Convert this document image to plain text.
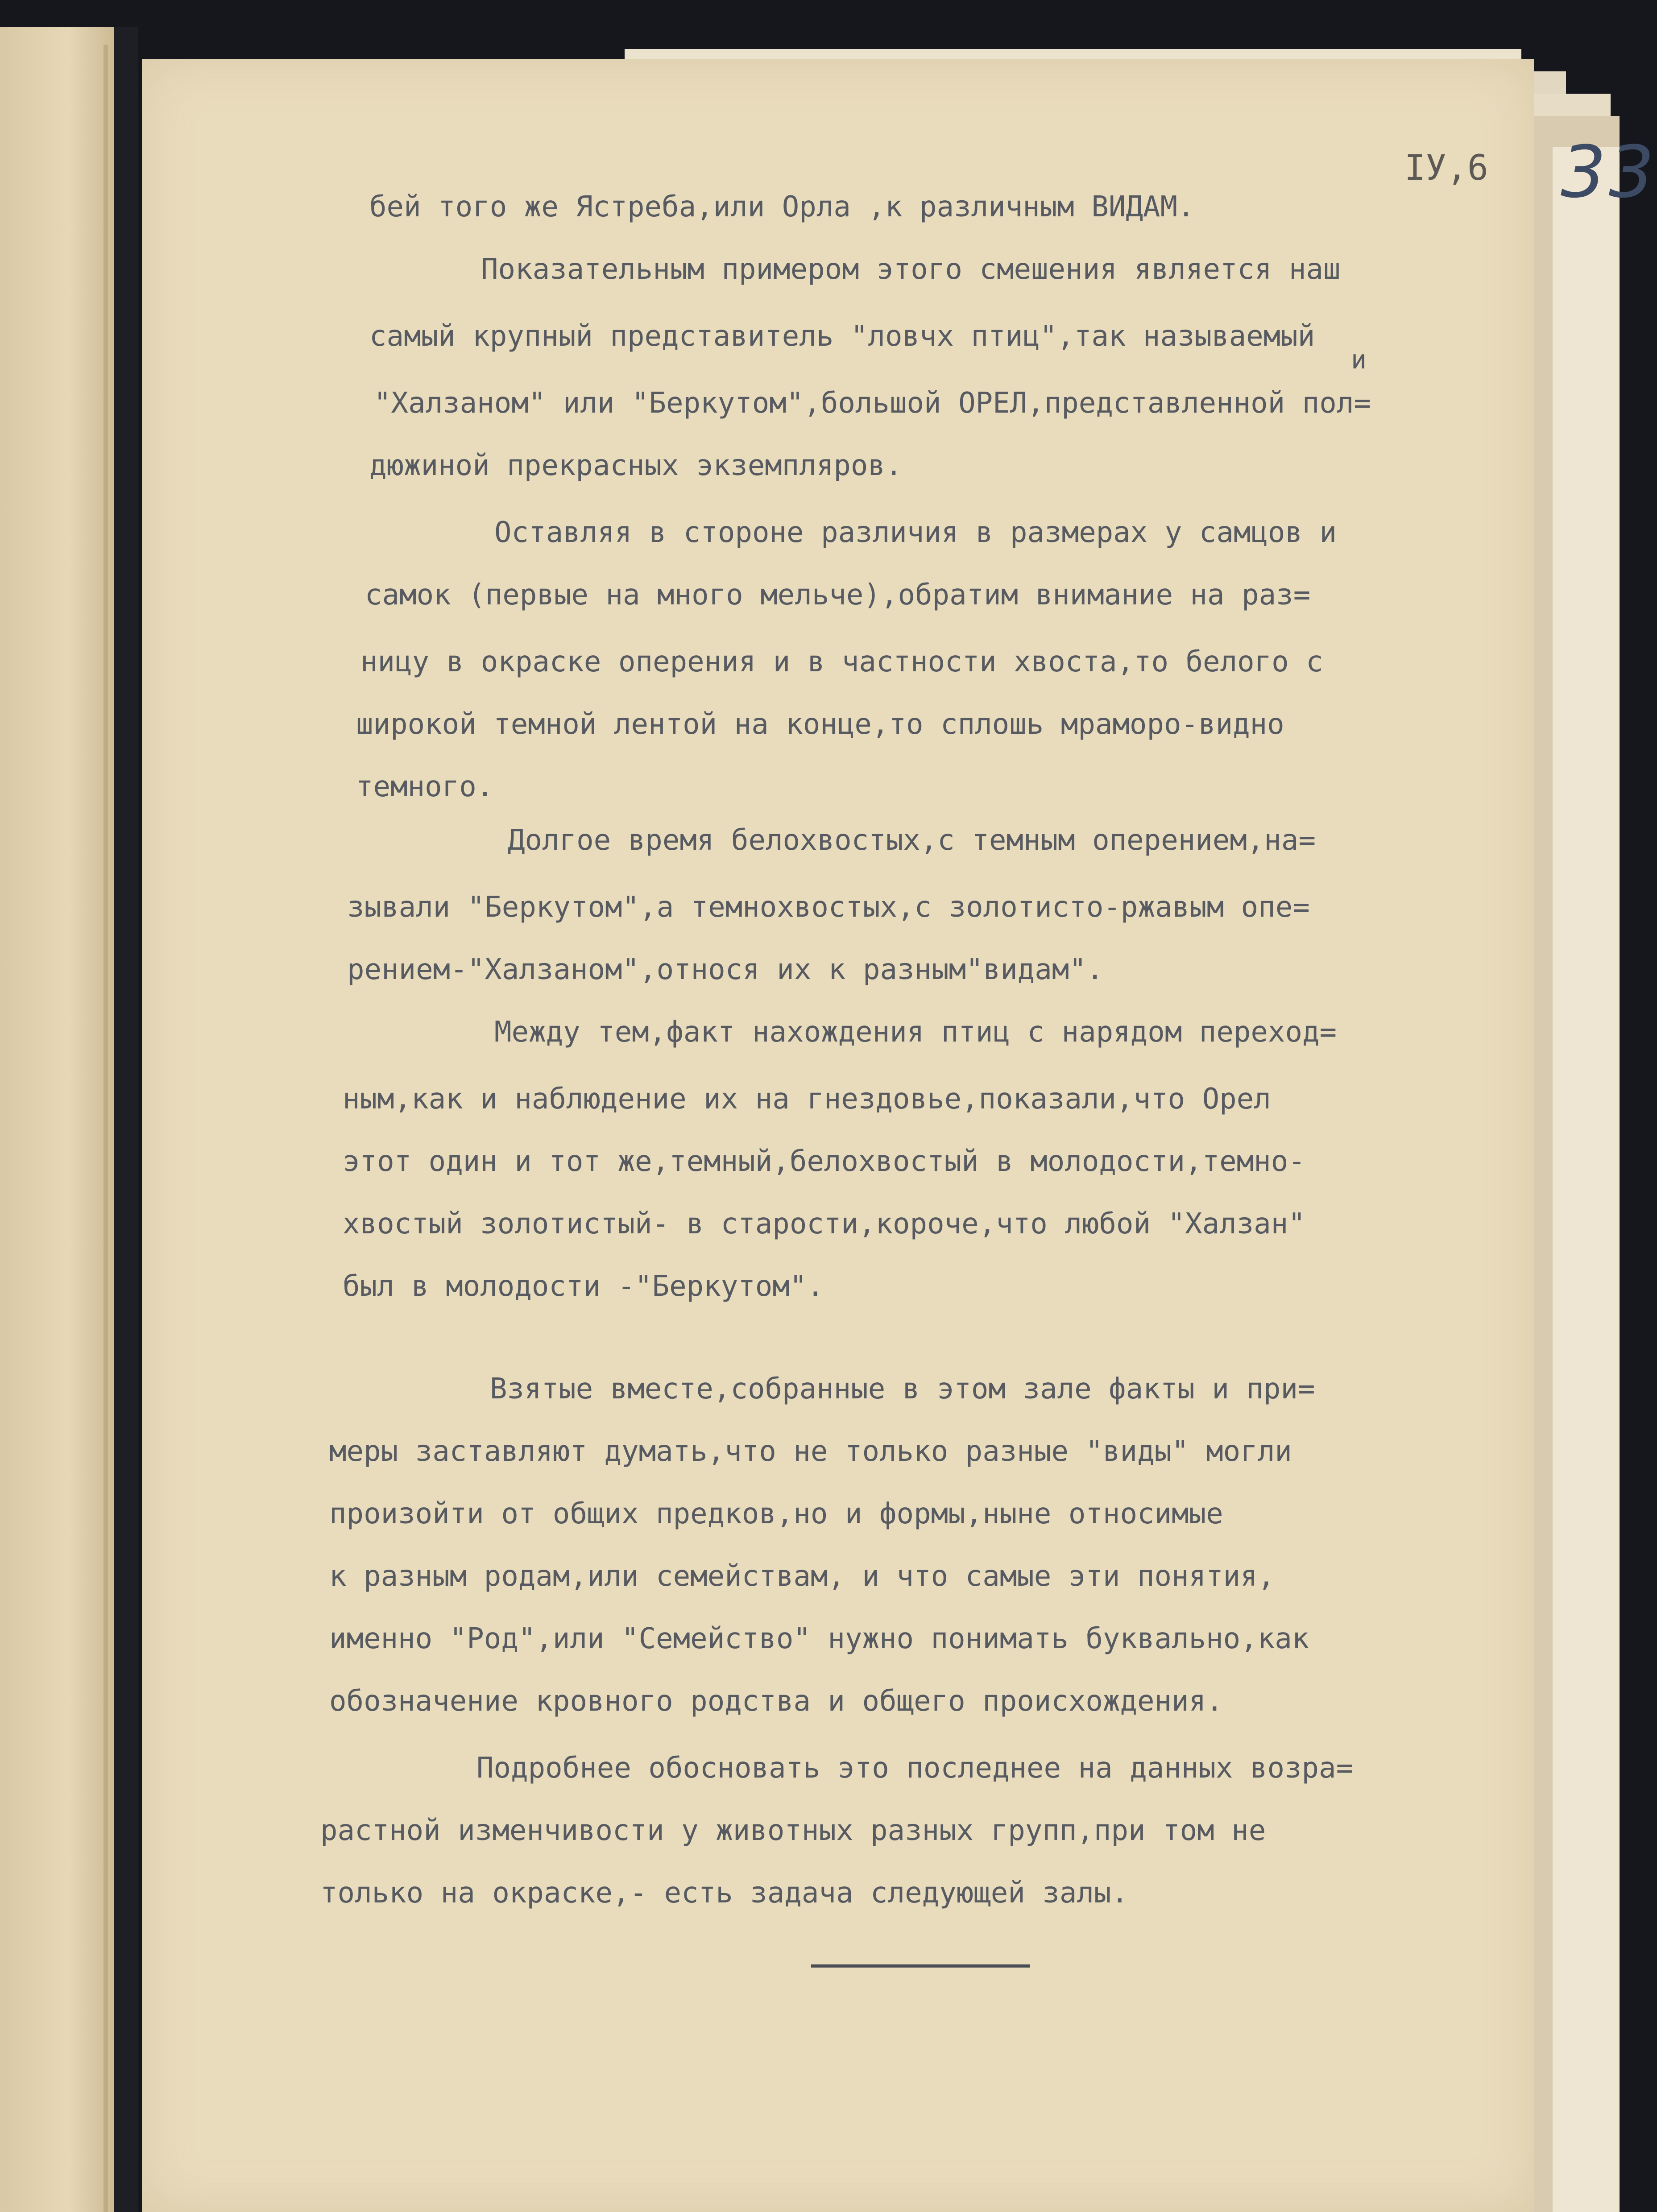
IУ,6 33
и
бей того же Ястреба,или Орла ,к различным ВИДАМ.
Показательным примером этого смешения является наш
самый крупный представитель "ловчх птиц",так называемый
"Халзаном" или "Беркутом",большой ОРЕЛ,представленной пол=
дюжиной прекрасных экземпляров.
Оставляя в стороне различия в размерах у самцов и
самок (первые на много мельче),обратим внимание на раз=
ницу в окраске оперения и в частности хвоста,то белого с
широкой темной лентой на конце,то сплошь мраморо-видно
темного.
Долгое время белохвостых,с темным оперением,на=
зывали "Беркутом",а темнохвостых,с золотисто-ржавым опе=
рением-"Халзаном",относя их к разным"видам".
Между тем,факт нахождения птиц с нарядом переход=
ным,как и наблюдение их на гнездовье,показали,что Орел
этот один и тот же,темный,белохвостый в молодости,темно-
хвостый золотистый- в старости,короче,что любой "Халзан"
был в молодости -"Беркутом".
Взятые вместе,собранные в этом зале факты и при=
меры заставляют думать,что не только разные "виды" могли
произойти от общих предков,но и формы,ныне относимые
к разным родам,или семействам, и что самые эти понятия,
именно "Род",или "Семейство" нужно понимать буквально,как
обозначение кровного родства и общего происхождения.
Подробнее обосновать это последнее на данных возра=
растной изменчивости у животных разных групп,при том не
только на окраске,- есть задача следующей залы.
